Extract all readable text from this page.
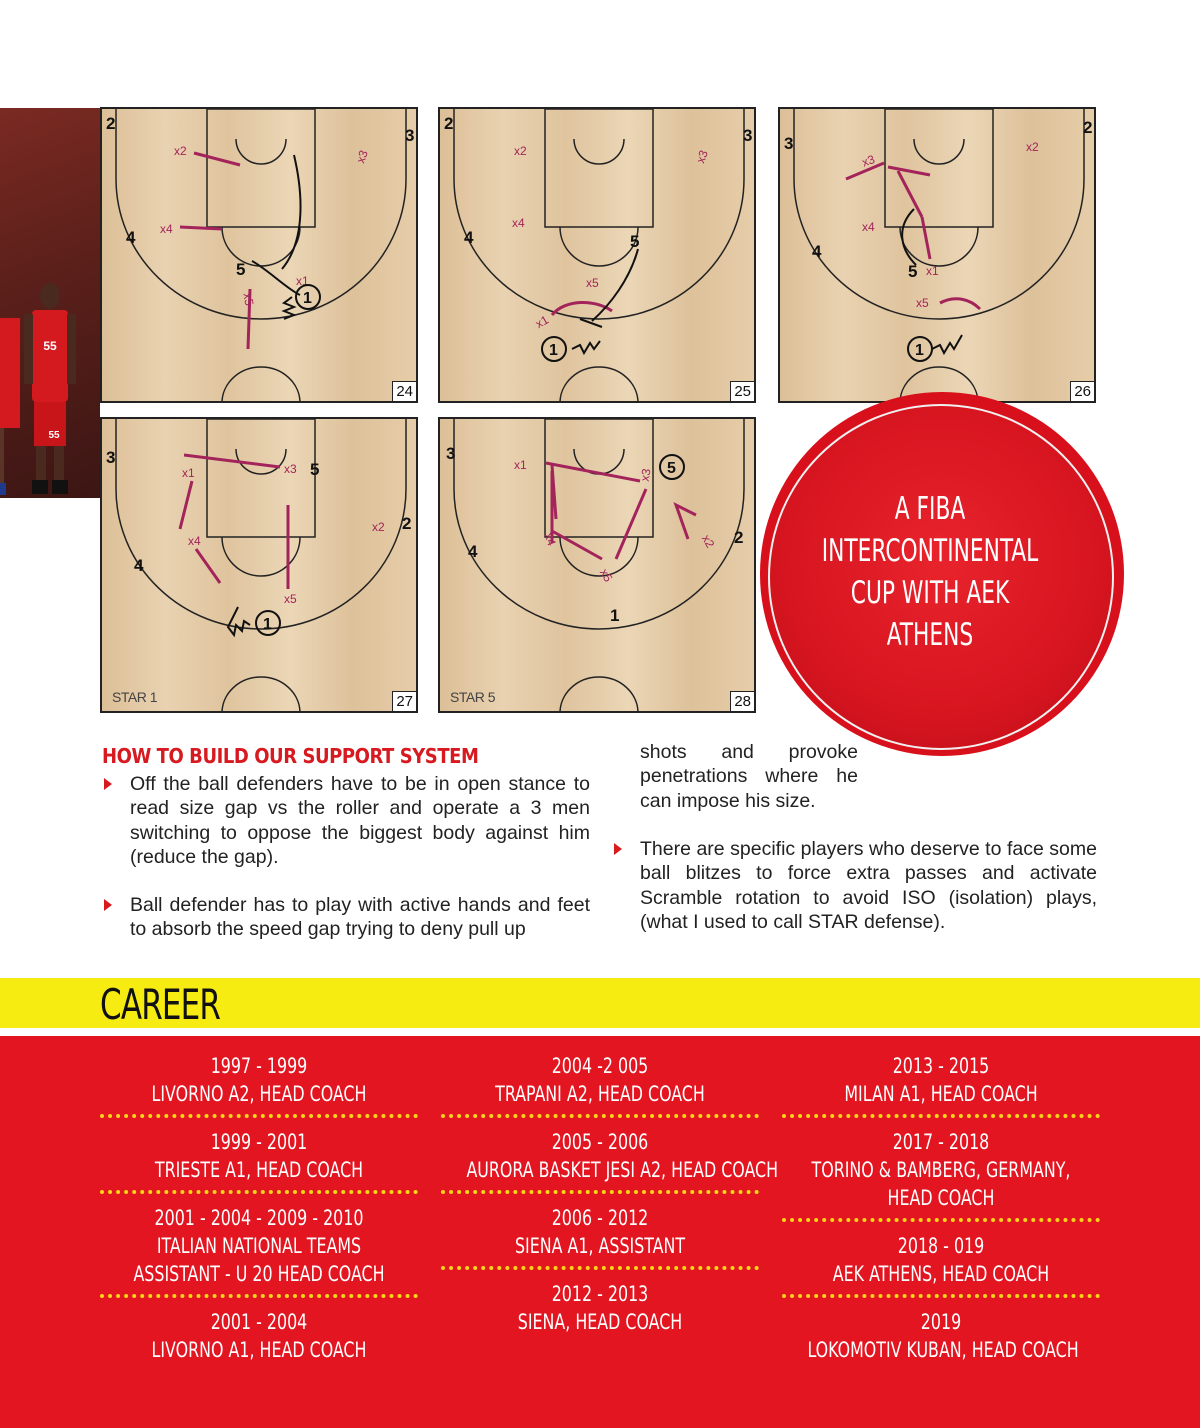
55
55
2
3
4
5
x2
x4
x3
x1
x5	1
24
2
3
4	5
x2
x4
x3
x5
x1
1
25
3
2
4
5
x3
x2
x4
x1
x5
1
26
3
5
2
4
x1	x3
x2
x4
x5
1
STAR 1	27
3
2
4
1
x1
x3
x4
x5
x2
5
STAR 5	28
A FIBA
INTERCONTINENTAL
CUP WITH AEK
ATHENS
HOW TO BUILD OUR SUPPORT SYSTEM
Off the ball defenders have to be in open stance to read size gap vs the roller and operate a 3 men switching to oppose the biggest body against him (reduce the gap).
Ball defender has to play with active hands and feet to absorb the speed gap trying to deny pull up
shots and provoke penetrations where he can impose his size.
There are specific players who deserve to face some ball blitzes to force extra passes and activate Scramble rotation to avoid ISO (isolation) plays, (what I used to call STAR defense).
CAREER
1997 - 1999
LIVORNO A2, HEAD COACH
1999 - 2001
TRIESTE A1, HEAD COACH
2001 - 2004 - 2009 - 2010
ITALIAN NATIONAL TEAMS
ASSISTANT - U 20 HEAD COACH
2001 - 2004
LIVORNO A1, HEAD COACH
2004 -2 005
TRAPANI A2, HEAD COACH
2005 - 2006
AURORA BASKET JESI A2, HEAD COACH
2006 - 2012
SIENA A1, ASSISTANT
2012 - 2013
SIENA, HEAD COACH
2013 - 2015
MILAN A1, HEAD COACH
2017 - 2018
TORINO & BAMBERG, GERMANY,
HEAD COACH
2018 - 019
AEK ATHENS, HEAD COACH
2019
LOKOMOTIV KUBAN, HEAD COACH
